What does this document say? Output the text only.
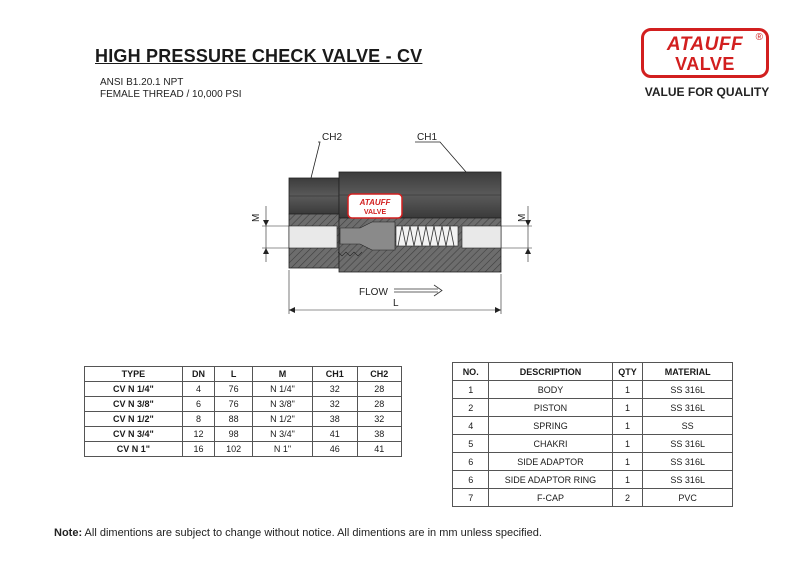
HIGH PRESSURE CHECK VALVE - CV
ANSI B1.20.1 NPT
FEMALE THREAD / 10,000 PSI
ATAUFF
VALVE
®
VALUE FOR QUALITY
CH2	CH1
ATAUFF
VALVE
M	M
FLOW
L
TYPE	DN	L	M	CH1	CH2
CV N 1/4"	4	76	N 1/4"	32	28
CV N 3/8"	6	76	N 3/8"	32	28
CV N 1/2"	8	88	N 1/2"	38	32
CV N 3/4"	12	98	N 3/4"	41	38
CV N 1"	16	102	N 1"	46	41
NO.	DESCRIPTION	QTY	MATERIAL
1	BODY	1	SS 316L
2	PISTON	1	SS 316L
4	SPRING	1	SS
5	CHAKRI	1	SS 316L
6	SIDE ADAPTOR	1	SS 316L
6	SIDE ADAPTOR RING	1	SS 316L
7	F-CAP	2	PVC
Note: All dimentions are subject to change without notice. All dimentions are in mm unless specified.
